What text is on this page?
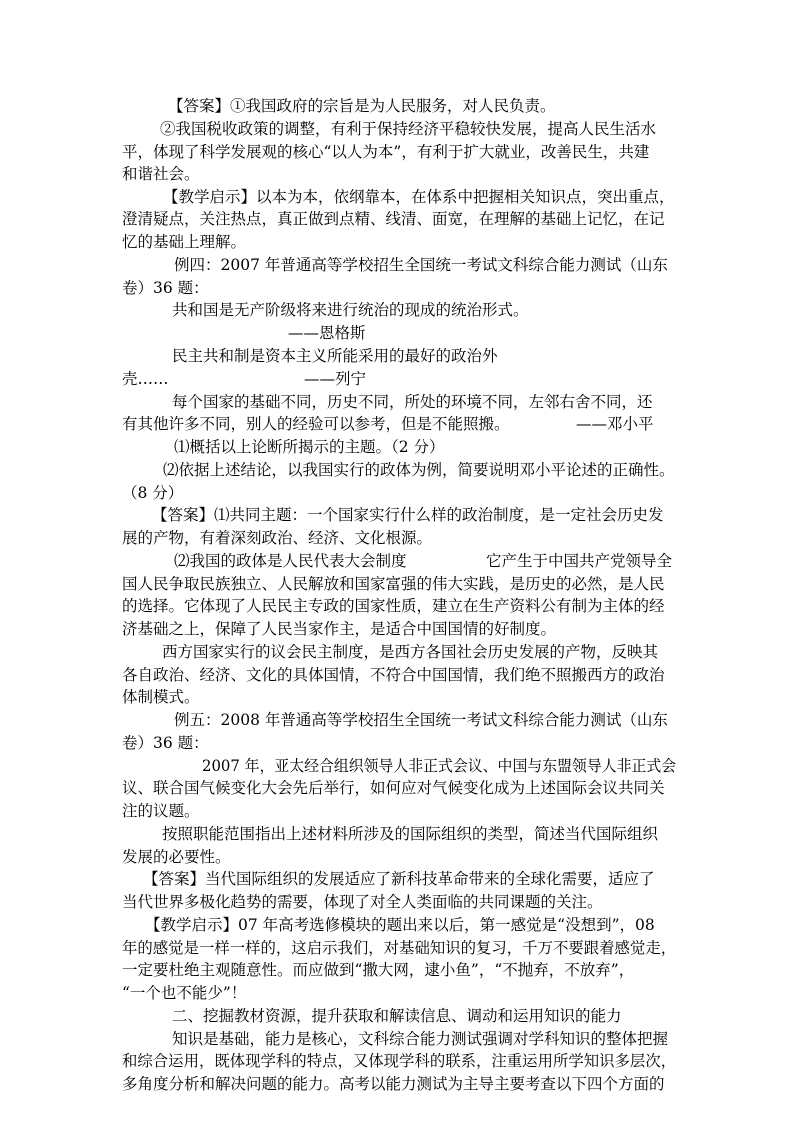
【答案】①我国政府的宗旨是为人民服务，对人民负责。
②我国税收政策的调整，有利于保持经济平稳较快发展，提高人民生活水
平，体现了科学发展观的核心“以人为本”，有利于扩大就业，改善民生，共建
和谐社会。
【教学启示】以本为本，依纲靠本，在体系中把握相关知识点，突出重点，
澄清疑点，关注热点，真正做到点精、线清、面宽，在理解的基础上记忆，在记
忆的基础上理解。
例四：2007 年普通高等学校招生全国统一考试文科综合能力测试（山东
卷）36 题：
共和国是无产阶级将来进行统治的现成的统治形式。
——恩格斯
民主共和制是资本主义所能采用的最好的政治外
壳……	——列宁
每个国家的基础不同，历史不同，所处的环境不同，左邻右舍不同，还
有其他许多不同，别人的经验可以参考，但是不能照搬。	——邓小平
⑴概括以上论断所揭示的主题。（2 分）
⑵依据上述结论，以我国实行的政体为例，简要说明邓小平论述的正确性。
（8 分）
【答案】⑴共同主题：一个国家实行什么样的政治制度，是一定社会历史发
展的产物，有着深刻政治、经济、文化根源。
⑵我国的政体是人民代表大会制度	它产生于中国共产党领导全
国人民争取民族独立、人民解放和国家富强的伟大实践，是历史的必然，是人民
的选择。它体现了人民民主专政的国家性质，建立在生产资料公有制为主体的经
济基础之上，保障了人民当家作主，是适合中国国情的好制度。
西方国家实行的议会民主制度，是西方各国社会历史发展的产物，反映其
各自政治、经济、文化的具体国情，不符合中国国情，我们绝不照搬西方的政治
体制模式。
例五：2008 年普通高等学校招生全国统一考试文科综合能力测试（山东
卷）36 题：
2007 年，亚太经合组织领导人非正式会议、中国与东盟领导人非正式会
议、联合国气候变化大会先后举行，如何应对气候变化成为上述国际会议共同关
注的议题。
按照职能范围指出上述材料所涉及的国际组织的类型，简述当代国际组织
发展的必要性。
【答案】当代国际组织的发展适应了新科技革命带来的全球化需要，适应了
当代世界多极化趋势的需要，体现了对全人类面临的共同课题的关注。
【教学启示】07 年高考选修模块的题出来以后，第一感觉是“没想到”，08
年的感觉是一样一样的，这启示我们，对基础知识的复习，千万不要跟着感觉走，
一定要杜绝主观随意性。而应做到“撒大网，逮小鱼”，“不抛弃，不放弃”，
“一个也不能少”！
二、挖掘教材资源，提升获取和解读信息、调动和运用知识的能力
知识是基础，能力是核心，文科综合能力测试强调对学科知识的整体把握
和综合运用，既体现学科的特点，又体现学科的联系，注重运用所学知识多层次，
多角度分析和解决问题的能力。高考以能力测试为主导主要考查以下四个方面的
